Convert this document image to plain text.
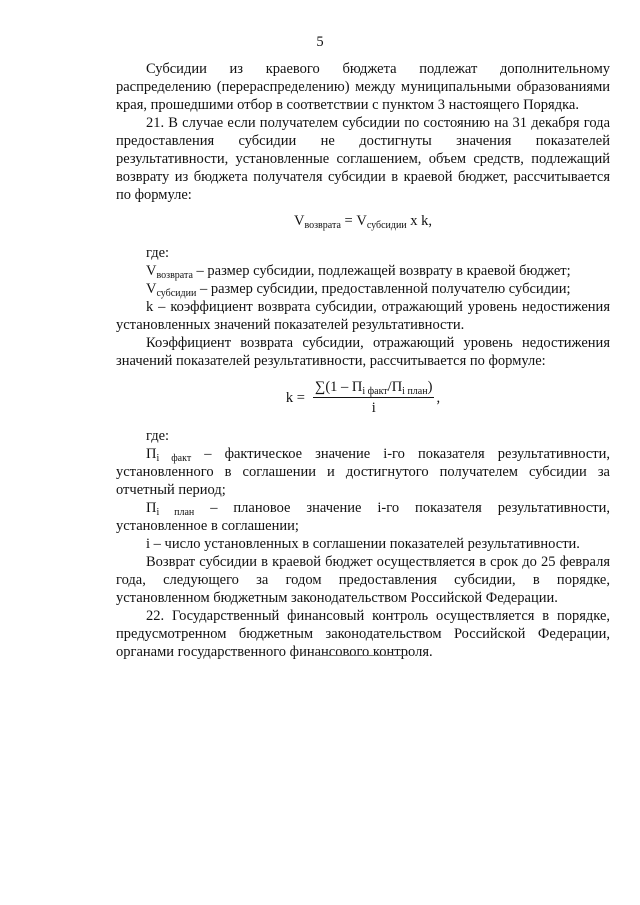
5

Субсидии из краевого бюджета подлежат дополнительному распределению (перераспределению) между муниципальными образованиями края, прошедшими отбор в соответствии с пунктом 3 настоящего Порядка.

21. В случае если получателем субсидии по состоянию на 31 декабря года предоставления субсидии не достигнуты значения показателей результативности, установленные соглашением, объем средств, подлежащий возврату из бюджета получателя субсидии в краевой бюджет, рассчитывается по формуле:

$V_{возврата} = V_{субсидии}$ x k,

где:

$V_{возврата}$ – размер субсидии, подлежащей возврату в краевой бюджет;

$V_{субсидии}$ – размер субсидии, предоставленной получателю субсидии;

k – коэффициент возврата субсидии, отражающий уровень недостижения установленных значений показателей результативности.

Коэффициент возврата субсидии, отражающий уровень недостижения значений показателей результативности, рассчитывается по формуле:

$k = \frac{\sum(1 - П_{i факт}/П_{i план})}{i}$ ,

где:

$П_{i факт}$ – фактическое значение i-го показателя результативности, установленного в соглашении и достигнутого получателем субсидии за отчетный период;

$П_{i план}$ – плановое значение i-го показателя результативности, установленное в соглашении;

i – число установленных в соглашении показателей результативности.

Возврат субсидии в краевой бюджет осуществляется в срок до 25 февраля года, следующего за годом предоставления субсидии, в порядке, установленном бюджетным законодательством Российской Федерации.

22. Государственный финансовый контроль осуществляется в порядке, предусмотренном бюджетным законодательством Российской Федерации, органами государственного финансового контроля.
